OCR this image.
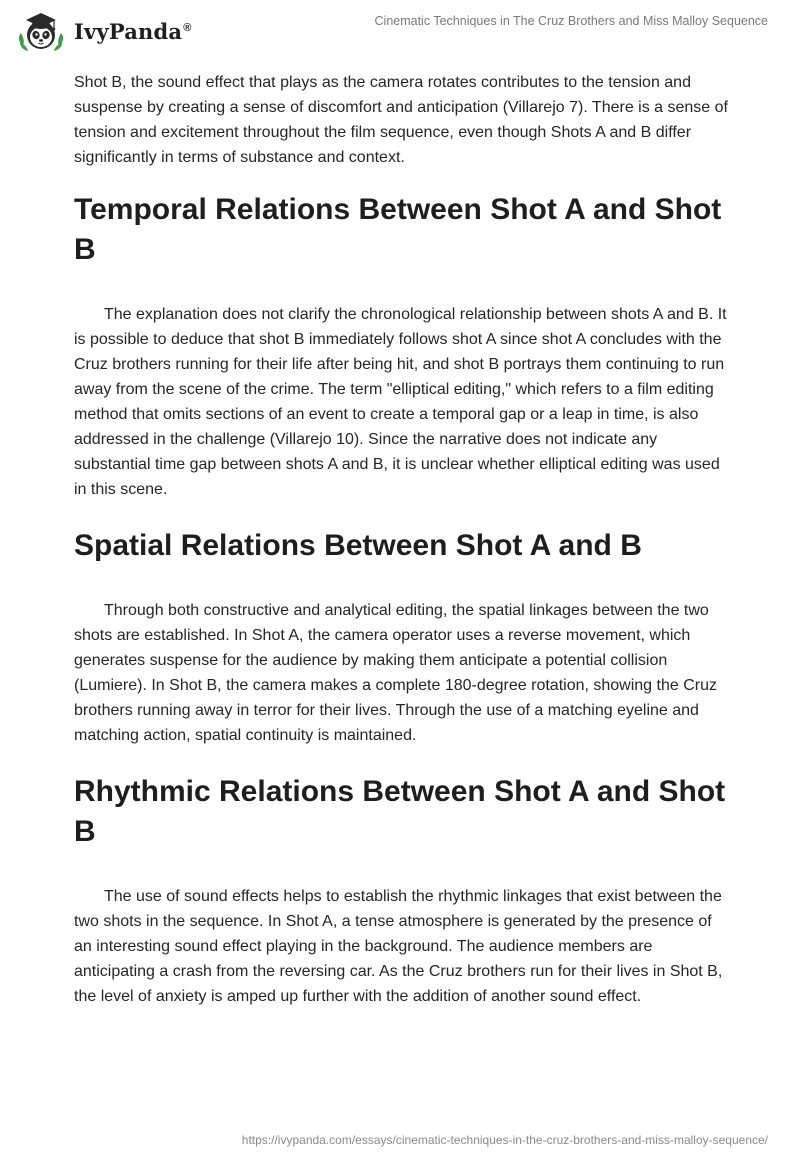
IvyPanda®	Cinematic Techniques in The Cruz Brothers and Miss Malloy Sequence

Shot B, the sound effect that plays as the camera rotates contributes to the tension and suspense by creating a sense of discomfort and anticipation (Villarejo 7). There is a sense of tension and excitement throughout the film sequence, even though Shots A and B differ significantly in terms of substance and context.

Temporal Relations Between Shot A and Shot B

The explanation does not clarify the chronological relationship between shots A and B. It is possible to deduce that shot B immediately follows shot A since shot A concludes with the Cruz brothers running for their life after being hit, and shot B portrays them continuing to run away from the scene of the crime. The term "elliptical editing," which refers to a film editing method that omits sections of an event to create a temporal gap or a leap in time, is also addressed in the challenge (Villarejo 10). Since the narrative does not indicate any substantial time gap between shots A and B, it is unclear whether elliptical editing was used in this scene.

Spatial Relations Between Shot A and B

Through both constructive and analytical editing, the spatial linkages between the two shots are established. In Shot A, the camera operator uses a reverse movement, which generates suspense for the audience by making them anticipate a potential collision (Lumiere). In Shot B, the camera makes a complete 180-degree rotation, showing the Cruz brothers running away in terror for their lives. Through the use of a matching eyeline and matching action, spatial continuity is maintained.

Rhythmic Relations Between Shot A and Shot B

The use of sound effects helps to establish the rhythmic linkages that exist between the two shots in the sequence. In Shot A, a tense atmosphere is generated by the presence of an interesting sound effect playing in the background. The audience members are anticipating a crash from the reversing car. As the Cruz brothers run for their lives in Shot B, the level of anxiety is amped up further with the addition of another sound effect.

https://ivypanda.com/essays/cinematic-techniques-in-the-cruz-brothers-and-miss-malloy-sequence/
